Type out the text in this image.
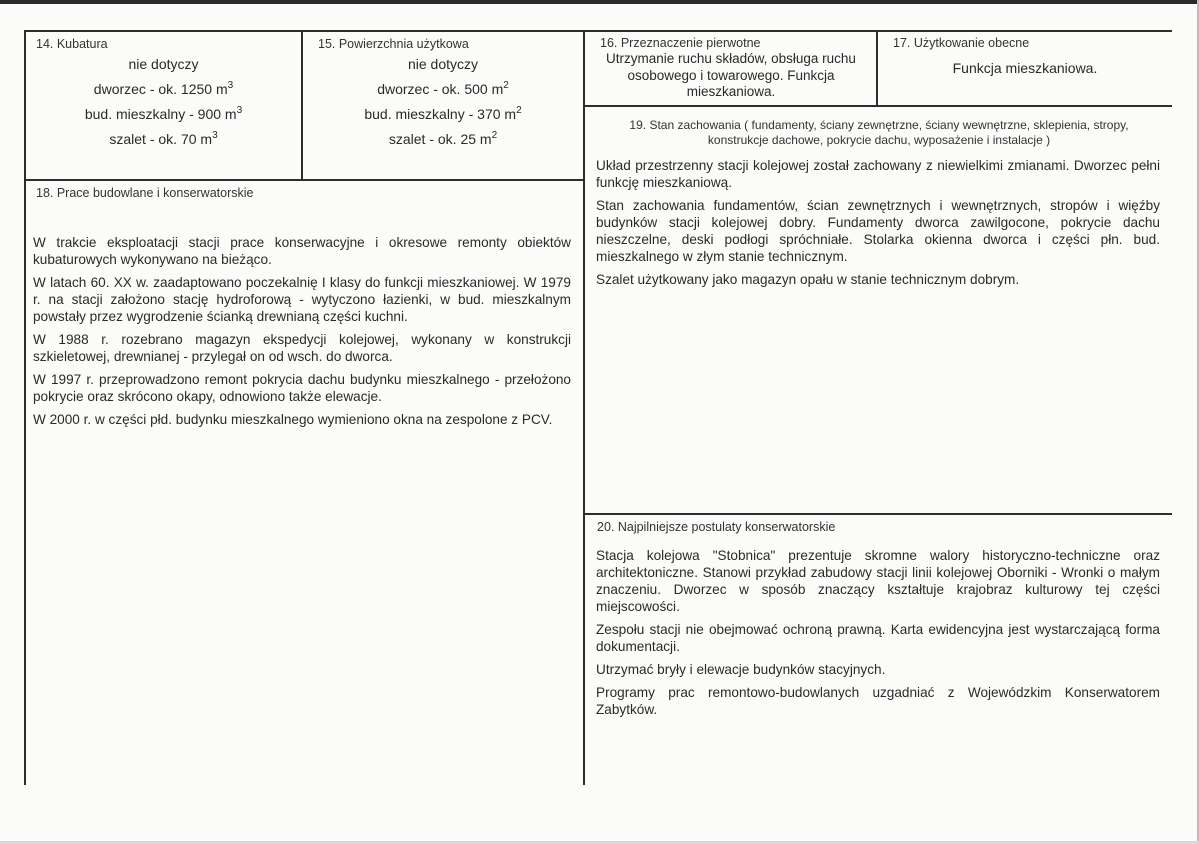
14. Kubatura
nie dotyczy
dworzec - ok. 1250 $m^3$
bud. mieszkalny - 900 $m^3$
szalet - ok. 70 $m^3$
15. Powierzchnia użytkowa
nie dotyczy
dworzec - ok. 500 $m^2$
bud. mieszkalny - 370 $m^2$
szalet - ok. 25 $m^2$
16. Przeznaczenie pierwotne
Utrzymanie ruchu składów, obsługa ruchu
osobowego i towarowego. Funkcja
mieszkaniowa.
17. Użytkowanie obecne
Funkcja mieszkaniowa.
18. Prace budowlane i konserwatorskie

W trakcie eksploatacji stacji prace konserwacyjne i okresowe remonty obiektów kubaturowych wykonywano na bieżąco.

W latach 60. XX w. zaadaptowano poczekalnię I klasy do funkcji mieszkaniowej. W 1979 r. na stacji założono stację hydroforową - wytyczono łazienki, w bud. mieszkalnym powstały przez wygrodzenie ścianką drewnianą części kuchni.

W 1988 r. rozebrano magazyn ekspedycji kolejowej, wykonany w konstrukcji szkieletowej, drewnianej - przylegał on od wsch. do dworca.

W 1997 r. przeprowadzono remont pokrycia dachu budynku mieszkalnego - przełożono pokrycie oraz skrócono okapy, odnowiono także elewacje.

W 2000 r. w części płd. budynku mieszkalnego wymieniono okna na zespolone z PCV.

19. Stan zachowania ( fundamenty, ściany zewnętrzne, ściany wewnętrzne, sklepienia, stropy,
konstrukcje dachowe, pokrycie dachu, wyposażenie i instalacje )

Układ przestrzenny stacji kolejowej został zachowany z niewielkimi zmianami. Dworzec pełni funkcję mieszkaniową.

Stan zachowania fundamentów, ścian zewnętrznych i wewnętrznych, stropów i więźby budynków stacji kolejowej dobry. Fundamenty dworca zawilgocone, pokrycie dachu nieszczelne, deski podłogi spróchniałe. Stolarka okienna dworca i części płn. bud. mieszkalnego w złym stanie technicznym.

Szalet użytkowany jako magazyn opału w stanie technicznym dobrym.

20. Najpilniejsze postulaty konserwatorskie

Stacja kolejowa "Stobnica" prezentuje skromne walory historyczno-techniczne oraz architektoniczne. Stanowi przykład zabudowy stacji linii kolejowej Oborniki - Wronki o małym znaczeniu. Dworzec w sposób znaczący kształtuje krajobraz kulturowy tej części miejscowości.

Zespołu stacji nie obejmować ochroną prawną. Karta ewidencyjna jest wystarczającą forma dokumentacji.

Utrzymać bryły i elewacje budynków stacyjnych.

Programy prac remontowo-budowlanych uzgadniać z Wojewódzkim Konserwatorem Zabytków.
